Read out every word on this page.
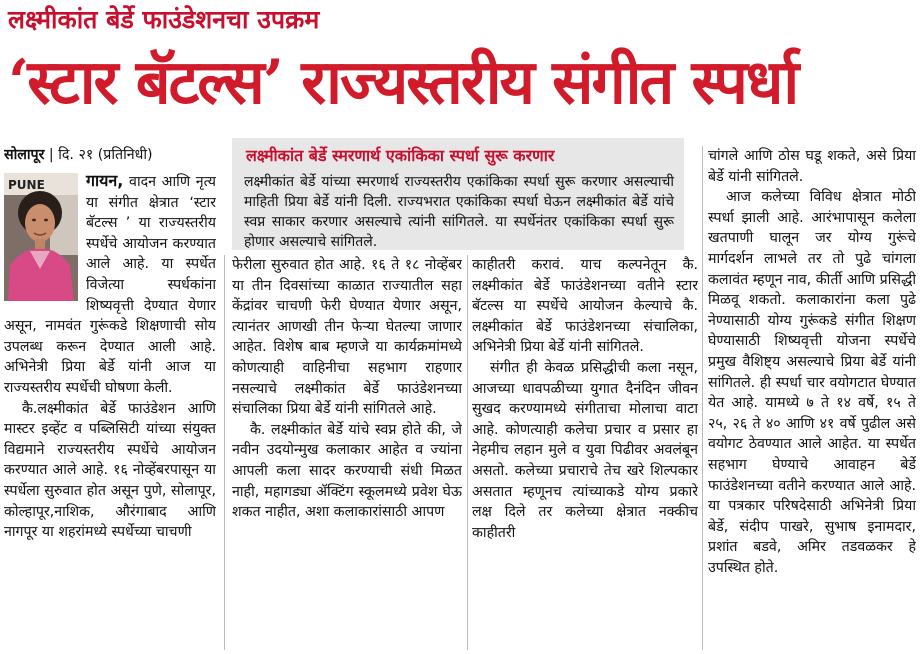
लक्ष्मीकांत बेर्डे फाउंडेशनचा उपक्रम
‘स्टार बॅटल्स’ राज्यस्तरीय संगीत स्पर्धा
लक्ष्मीकांत बेर्डे स्मरणार्थ एकांकिका स्पर्धा सुरू करणार
लक्ष्मीकांत बेर्डे यांच्या स्मरणार्थ राज्यस्तरीय एकांकिका स्पर्धा सुरू करणार असल्याची माहिती प्रिया बेर्डे यांनी दिली. राज्यभरात एकांकिका स्पर्धा घेऊन लक्ष्मीकांत बेर्डे यांचे स्वप्न साकार करणार असल्याचे त्यांनी सांगितले. या स्पर्धेनंतर एकांकिका स्पर्धा सुरू होणार असल्याचे सांगितले.
सोलापूर | दि. २१ (प्रतिनिधी)
PUNE	गायन, वादन आणि नृत्य या संगीत क्षेत्रात ‘स्टार बॅटल्स ’ या राज्यस्तरीय स्पर्धेचे आयोजन करण्यात आले आहे. या स्पर्धेत विजेत्या स्पर्धकांना शिष्यवृत्ती देण्यात येणार असून, नामवंत गुरूंकडे शिक्षणाची सोय उपलब्ध करून देण्यात आली आहे. अभिनेत्री प्रिया बेर्डे यांनी आज या राज्यस्तरीय स्पर्धेची घोषणा केली.

कै.लक्ष्मीकांत बेर्डे फाउंडेशन आणि मास्टर इव्हेंट व पब्लिसिटी यांच्या संयुक्त विद्यमाने राज्यस्तरीय स्पर्धेचे आयोजन करण्यात आले आहे. १६ नोव्हेंबरपासून या स्पर्धेला सुरुवात होत असून पुणे, सोलापूर, कोल्हापूर,नाशिक, औरंगाबाद आणि नागपूर या शहरांमध्ये स्पर्धेच्या चाचणी

फेरीला सुरुवात होत आहे. १६ ते १८ नोव्हेंबर या तीन दिवसांच्या काळात राज्यातील सहा केंद्रांवर चाचणी फेरी घेण्यात येणार असून, त्यानंतर आणखी तीन फेऱ्या घेतल्या जाणार आहेत. विशेष बाब म्हणजे या कार्यक्रमांमध्ये कोणत्याही वाहिनीचा सहभाग राहणार नसल्याचे लक्ष्मीकांत बेर्डे फाउंडेशनच्या संचालिका प्रिया बेर्डे यांनी सांगितले आहे.

कै. लक्ष्मीकांत बेर्डे यांचे स्वप्न होते की, जे नवीन उदयोन्मुख कलाकार आहेत व ज्यांना आपली कला सादर करण्याची संधी मिळत नाही, महागड्या ॲक्टिंग स्कूलमध्ये प्रवेश घेऊ शकत नाहीत, अशा कलाकारांसाठी आपण

काहीतरी करावं. याच कल्पनेतून कै. लक्ष्मीकांत बेर्डे फाउंडेशनच्या वतीने स्टार बॅटल्स या स्पर्धेचे आयोजन केल्याचे कै. लक्ष्मीकांत बेर्डे फाउंडेशनच्या संचालिका, अभिनेत्री प्रिया बेर्डे यांनी सांगितले.

संगीत ही केवळ प्रसिद्धीची कला नसून, आजच्या धावपळीच्या युगात दैनंदिन जीवन सुखद करण्यामध्ये संगीताचा मोलाचा वाटा आहे. कोणत्याही कलेचा प्रचार व प्रसार हा नेहमीच लहान मुले व युवा पिढीवर अवलंबून असतो. कलेच्या प्रचाराचे तेच खरे शिल्पकार असतात म्हणूनच त्यांच्याकडे योग्य प्रकारे लक्ष दिले तर कलेच्या क्षेत्रात नक्कीच काहीतरी

चांगले आणि ठोस घडू शकते, असे प्रिया बेर्डे यांनी सांगितले.

आज कलेच्या विविध क्षेत्रात मोठी स्पर्धा झाली आहे. आरंभापासून कलेला खतपाणी घालून जर योग्य गुरूंचे मार्गदर्शन लाभले तर तो पुढे चांगला कलावंत म्हणून नाव, कीर्ती आणि प्रसिद्धी मिळवू शकतो. कलाकारांना कला पुढे नेण्यासाठी योग्य गुरूंकडे संगीत शिक्षण घेण्यासाठी शिष्यवृत्ती योजना स्पर्धेचे प्रमुख वैशिष्ट्य असल्याचे प्रिया बेर्डे यांनी सांगितले. ही स्पर्धा चार वयोगटात घेण्यात येत आहे. यामध्ये ७ ते १४ वर्षे, १५ ते २५, २६ ते ४० आणि ४१ वर्षे पुढील असे वयोगट ठेवण्यात आले आहेत. या स्पर्धेत सहभाग घेण्याचे आवाहन बेर्डे फाउंडेशनच्या वतीने करण्यात आले आहे. या पत्रकार परिषदेसाठी अभिनेत्री प्रिया बेर्डे, संदीप पाखरे, सुभाष इनामदार, प्रशांत बडवे, अमिर तडवळकर हे उपस्थित होते.
